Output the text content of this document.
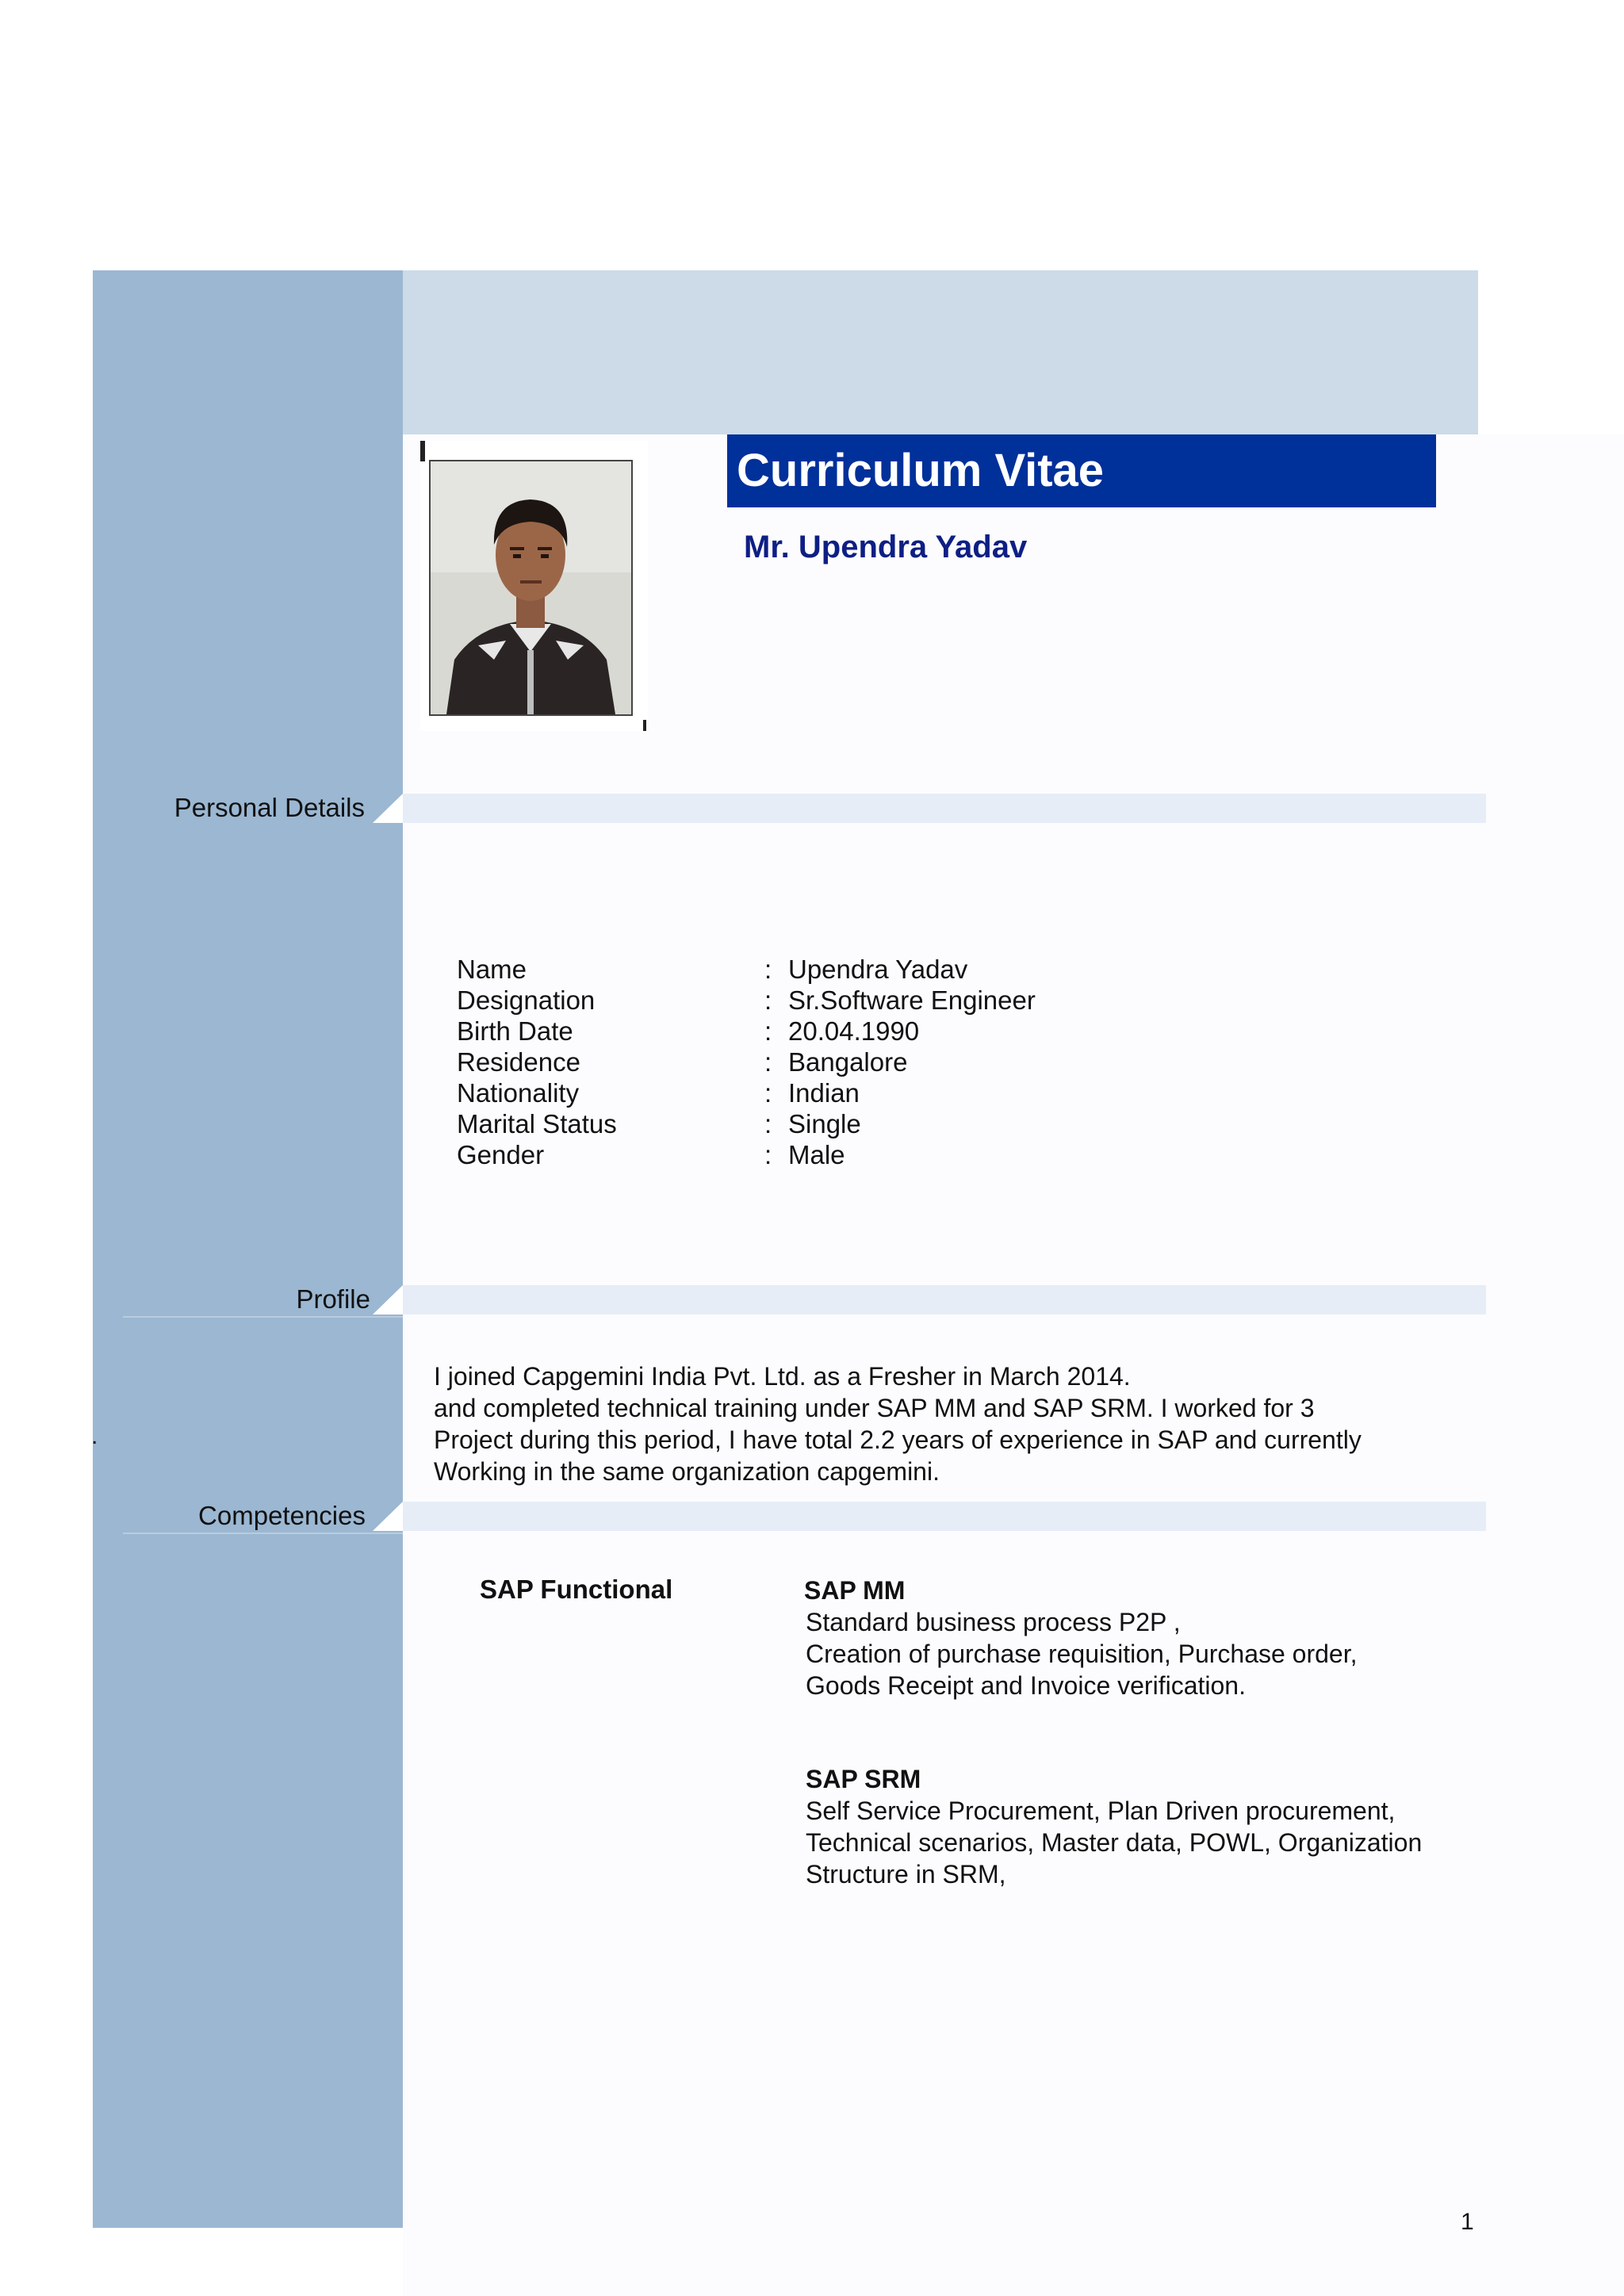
Curriculum Vitae
Mr. Upendra Yadav
Personal Details
Name
Designation
Birth Date
Residence
Nationality
Marital Status
Gender
:
:
:
:
:
:
:
Upendra Yadav
Sr.Software Engineer
20.04.1990
Bangalore
Indian
Single
Male
Profile
I joined Capgemini India Pvt. Ltd. as a Fresher in March 2014.
and completed technical training under SAP MM and SAP SRM. I worked for 3
Project during this period, I have total 2.2 years of experience in SAP and currently
Working in the same organization capgemini.
.
Competencies
SAP Functional	SAP MM
Standard business process P2P ,
Creation of purchase requisition, Purchase order,
Goods Receipt and Invoice verification.
SAP SRM
Self Service Procurement, Plan Driven procurement,
Technical scenarios, Master data, POWL, Organization
Structure in SRM,
1
